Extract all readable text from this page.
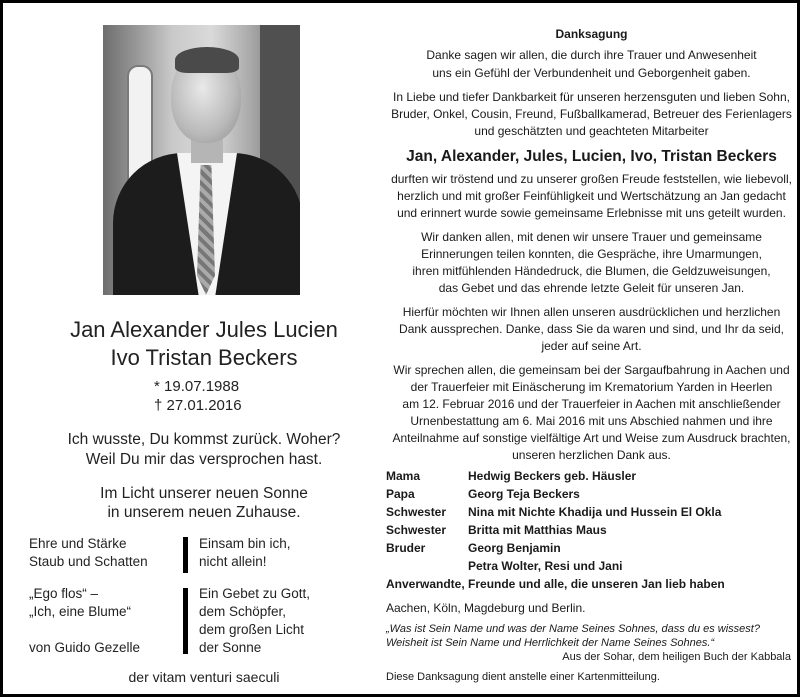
Jan Alexander Jules Lucien
Ivo Tristan Beckers
* 19.07.1988
† 27.01.2016
Ich wusste, Du kommst zurück. Woher?
Weil Du mir das versprochen hast.
Im Licht unserer neuen Sonne
in unserem neuen Zuhause.
Ehre und Stärke
Staub und Schatten
Einsam bin ich,
nicht allein!
„Ego flos“ –
„Ich, eine Blume“
von Guido Gezelle
Ein Gebet zu Gott,
dem Schöpfer,
dem großen Licht
der Sonne
der vitam venturi saeculi
Danksagung
Danke sagen wir allen, die durch ihre Trauer und Anwesenheit
uns ein Gefühl der Verbundenheit und Geborgenheit gaben.
In Liebe und tiefer Dankbarkeit für unseren herzensguten und lieben Sohn,
Bruder, Onkel, Cousin, Freund, Fußballkamerad, Betreuer des Ferienlagers
und geschätzten und geachteten Mitarbeiter
Jan, Alexander, Jules, Lucien, Ivo, Tristan Beckers
durften wir tröstend und zu unserer großen Freude feststellen, wie liebevoll,
herzlich und mit großer Feinfühligkeit und Wertschätzung an Jan gedacht
und erinnert wurde sowie gemeinsame Erlebnisse mit uns geteilt wurden.
Wir danken allen, mit denen wir unsere Trauer und gemeinsame
Erinnerungen teilen konnten, die Gespräche, ihre Umarmungen,
ihren mitfühlenden Händedruck, die Blumen, die Geldzuweisungen,
das Gebet und das ehrende letzte Geleit für unseren Jan.
Hierfür möchten wir Ihnen allen unseren ausdrücklichen und herzlichen
Dank aussprechen. Danke, dass Sie da waren und sind, und Ihr da seid,
jeder auf seine Art.
Wir sprechen allen, die gemeinsam bei der Sargaufbahrung in Aachen und
der Trauerfeier mit Einäscherung im Krematorium Yarden in Heerlen
am 12. Februar 2016 und der Trauerfeier in Aachen mit anschließender
Urnenbestattung am 6. Mai 2016 mit uns Abschied nahmen und ihre
Anteilnahme auf sonstige vielfältige Art und Weise zum Ausdruck brachten,
unseren herzlichen Dank aus.
Mama	Hedwig Beckers geb. Häusler
Papa	Georg Teja Beckers
Schwester Nina mit Nichte Khadija und Hussein El Okla
Schwester Britta mit Matthias Maus
Bruder	Georg Benjamin
Petra Wolter, Resi und Jani
Anverwandte, Freunde und alle, die unseren Jan lieb haben
Aachen, Köln, Magdeburg und Berlin.
„Was ist Sein Name und was der Name Seines Sohnes, dass du es wissest?
Weisheit ist Sein Name und Herrlichkeit der Name Seines Sohnes.“
Aus der Sohar, dem heiligen Buch der Kabbala
Diese Danksagung dient anstelle einer Kartenmitteilung.
